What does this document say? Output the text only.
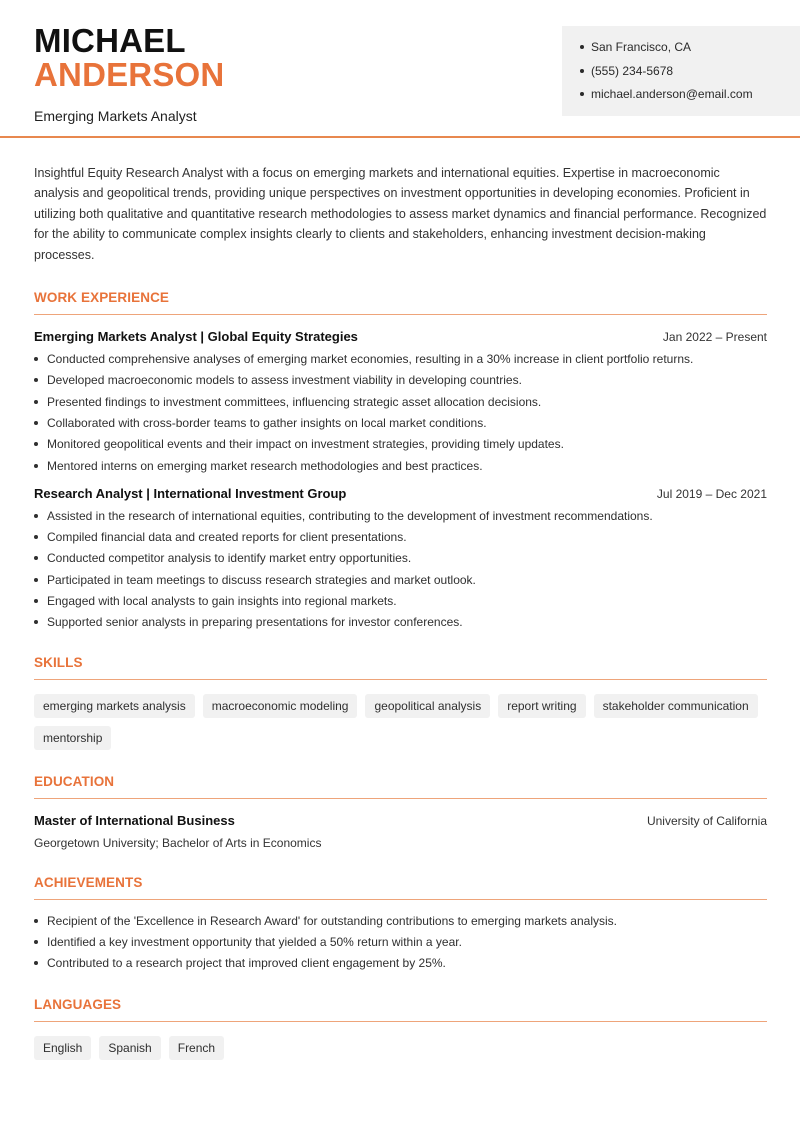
MICHAEL
ANDERSON
Emerging Markets Analyst
San Francisco, CA
(555) 234-5678
michael.anderson@email.com

Insightful Equity Research Analyst with a focus on emerging markets and international equities. Expertise in macroeconomic analysis and geopolitical trends, providing unique perspectives on investment opportunities in developing economies. Proficient in utilizing both qualitative and quantitative research methodologies to assess market dynamics and financial performance. Recognized for the ability to communicate complex insights clearly to clients and stakeholders, enhancing investment decision-making processes.

WORK EXPERIENCE
Emerging Markets Analyst | Global Equity Strategies	Jan 2022 – Present
Conducted comprehensive analyses of emerging market economies, resulting in a 30% increase in client portfolio returns.
Developed macroeconomic models to assess investment viability in developing countries.
Presented findings to investment committees, influencing strategic asset allocation decisions.
Collaborated with cross-border teams to gather insights on local market conditions.
Monitored geopolitical events and their impact on investment strategies, providing timely updates.
Mentored interns on emerging market research methodologies and best practices.
Research Analyst | International Investment Group	Jul 2019 – Dec 2021
Assisted in the research of international equities, contributing to the development of investment recommendations.
Compiled financial data and created reports for client presentations.
Conducted competitor analysis to identify market entry opportunities.
Participated in team meetings to discuss research strategies and market outlook.
Engaged with local analysts to gain insights into regional markets.
Supported senior analysts in preparing presentations for investor conferences.
SKILLS
emerging markets analysis	macroeconomic modeling	geopolitical analysis	report writing	stakeholder communication
mentorship
EDUCATION
Master of International Business	University of California
Georgetown University; Bachelor of Arts in Economics
ACHIEVEMENTS
Recipient of the 'Excellence in Research Award' for outstanding contributions to emerging markets analysis.
Identified a key investment opportunity that yielded a 50% return within a year.
Contributed to a research project that improved client engagement by 25%.
LANGUAGES
English	Spanish	French
